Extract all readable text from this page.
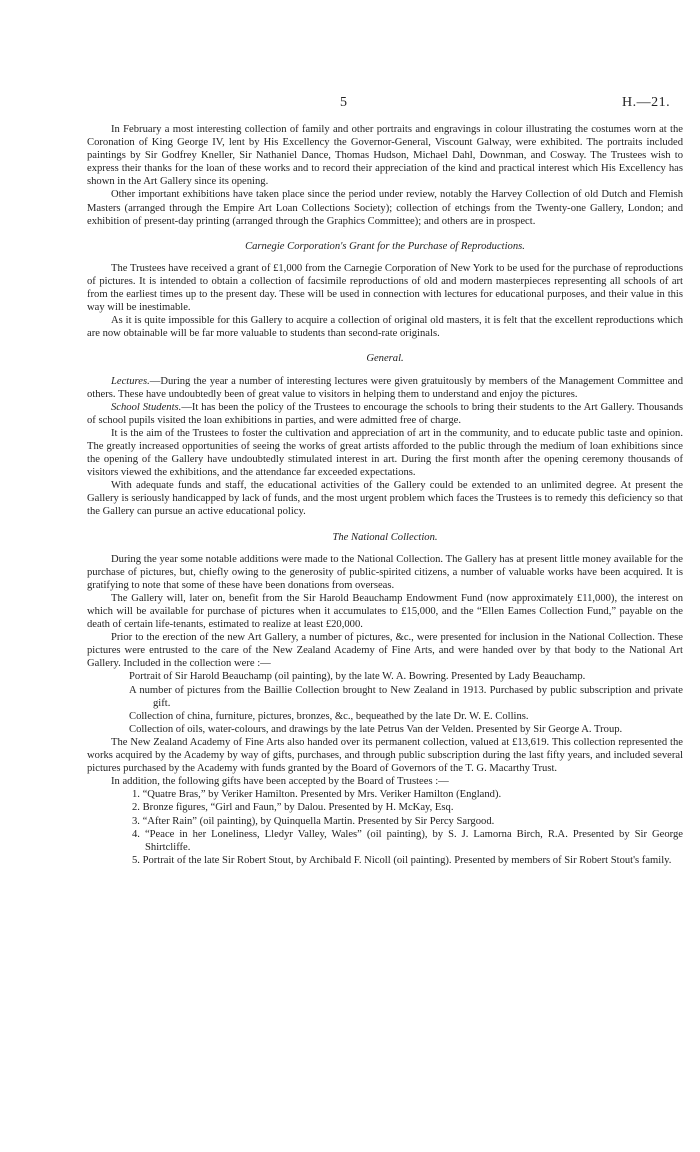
5	H.—21.

In February a most interesting collection of family and other portraits and engravings in colour illustrating the costumes worn at the Coronation of King George IV, lent by His Excellency the Governor-General, Viscount Galway, were exhibited. The portraits included paintings by Sir Godfrey Kneller, Sir Nathaniel Dance, Thomas Hudson, Michael Dahl, Downman, and Cosway. The Trustees wish to express their thanks for the loan of these works and to record their appreciation of the kind and practical interest which His Excellency has shown in the Art Gallery since its opening.

Other important exhibitions have taken place since the period under review, notably the Harvey Collection of old Dutch and Flemish Masters (arranged through the Empire Art Loan Collections Society); collection of etchings from the Twenty-one Gallery, London; and exhibition of present-day printing (arranged through the Graphics Committee); and others are in prospect.

Carnegie Corporation's Grant for the Purchase of Reproductions.

The Trustees have received a grant of £1,000 from the Carnegie Corporation of New York to be used for the purchase of reproductions of pictures. It is intended to obtain a collection of facsimile reproductions of old and modern masterpieces representing all schools of art from the earliest times up to the present day. These will be used in connection with lectures for educational purposes, and their value in this way will be inestimable.

As it is quite impossible for this Gallery to acquire a collection of original old masters, it is felt that the excellent reproductions which are now obtainable will be far more valuable to students than second-rate originals.

General.

Lectures.—During the year a number of interesting lectures were given gratuitously by members of the Management Committee and others. These have undoubtedly been of great value to visitors in helping them to understand and enjoy the pictures.

School Students.—It has been the policy of the Trustees to encourage the schools to bring their students to the Art Gallery. Thousands of school pupils visited the loan exhibitions in parties, and were admitted free of charge.

It is the aim of the Trustees to foster the cultivation and appreciation of art in the community, and to educate public taste and opinion. The greatly increased opportunities of seeing the works of great artists afforded to the public through the medium of loan exhibitions since the opening of the Gallery have undoubtedly stimulated interest in art. During the first month after the opening ceremony thousands of visitors viewed the exhibitions, and the attendance far exceeded expectations.

With adequate funds and staff, the educational activities of the Gallery could be extended to an unlimited degree. At present the Gallery is seriously handicapped by lack of funds, and the most urgent problem which faces the Trustees is to remedy this deficiency so that the Gallery can pursue an active educational policy.

The National Collection.

During the year some notable additions were made to the National Collection. The Gallery has at present little money available for the purchase of pictures, but, chiefly owing to the generosity of public-spirited citizens, a number of valuable works have been acquired. It is gratifying to note that some of these have been donations from overseas.

The Gallery will, later on, benefit from the Sir Harold Beauchamp Endowment Fund (now approximately £11,000), the interest on which will be available for purchase of pictures when it accumulates to £15,000, and the “Ellen Eames Collection Fund,” payable on the death of certain life-tenants, estimated to realize at least £20,000.

Prior to the erection of the new Art Gallery, a number of pictures, &c., were presented for inclusion in the National Collection. These pictures were entrusted to the care of the New Zealand Academy of Fine Arts, and were handed over by that body to the National Art Gallery. Included in the collection were :—

Portrait of Sir Harold Beauchamp (oil painting), by the late W. A. Bowring. Presented by Lady Beauchamp.

A number of pictures from the Baillie Collection brought to New Zealand in 1913. Purchased by public subscription and private gift.

Collection of china, furniture, pictures, bronzes, &c., bequeathed by the late Dr. W. E. Collins.

Collection of oils, water-colours, and drawings by the late Petrus Van der Velden. Presented by Sir George A. Troup.

The New Zealand Academy of Fine Arts also handed over its permanent collection, valued at £13,619. This collection represented the works acquired by the Academy by way of gifts, purchases, and through public subscription during the last fifty years, and included several pictures purchased by the Academy with funds granted by the Board of Governors of the T. G. Macarthy Trust.

In addition, the following gifts have been accepted by the Board of Trustees :—

1. “Quatre Bras,” by Veriker Hamilton. Presented by Mrs. Veriker Hamilton (England).

2. Bronze figures, “Girl and Faun,” by Dalou. Presented by H. McKay, Esq.

3. “After Rain” (oil painting), by Quinquella Martin. Presented by Sir Percy Sargood.

4. “Peace in her Loneliness, Lledyr Valley, Wales” (oil painting), by S. J. Lamorna Birch, R.A. Presented by Sir George Shirtcliffe.

5. Portrait of the late Sir Robert Stout, by Archibald F. Nicoll (oil painting). Presented by members of Sir Robert Stout's family.
